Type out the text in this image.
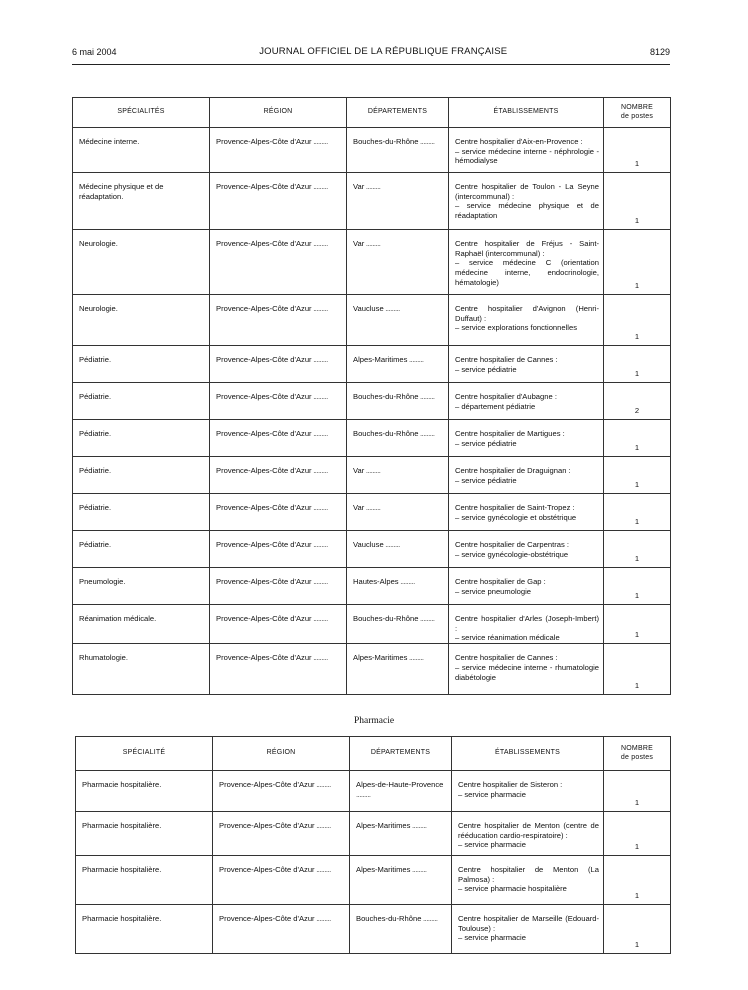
6 mai 2004	JOURNAL OFFICIEL DE LA RÉPUBLIQUE FRANÇAISE	8129
SPÉCIALITÉS	RÉGION	DÉPARTEMENTS	ÉTABLISSEMENTS	NOMBRE
de postes

Médecine interne.	Provence-Alpes-Côte d'Azur .....	Bouches-du-Rhône .....	Centre hospitalier d'Aix-en-Provence :
– service médecine interne - néphrologie - hémodialyse	1
Médecine physique et de réadaptation.	Provence-Alpes-Côte d'Azur .....	Var .....	Centre hospitalier de Toulon - La Seyne (intercommunal) :
– service médecine physique et de réadaptation	1
Neurologie.	Provence-Alpes-Côte d'Azur .....	Var .....	Centre hospitalier de Fréjus - Saint-Raphaël (intercommunal) :
– service médecine C (orientation médecine interne, endocrinologie, hématologie)	1
Neurologie.	Provence-Alpes-Côte d'Azur .....	Vaucluse .....	Centre hospitalier d'Avignon (Henri-Duffaut) :
– service explorations fonctionnelles	1
Pédiatrie.	Provence-Alpes-Côte d'Azur .....	Alpes-Maritimes .....	Centre hospitalier de Cannes :
– service pédiatrie	1
Pédiatrie.	Provence-Alpes-Côte d'Azur .....	Bouches-du-Rhône .....	Centre hospitalier d'Aubagne :
– département pédiatrie	2
Pédiatrie.	Provence-Alpes-Côte d'Azur .....	Bouches-du-Rhône .....	Centre hospitalier de Martigues :
– service pédiatrie	1
Pédiatrie.	Provence-Alpes-Côte d'Azur .....	Var .....	Centre hospitalier de Draguignan :
– service pédiatrie	1
Pédiatrie.	Provence-Alpes-Côte d'Azur .....	Var .....	Centre hospitalier de Saint-Tropez :
– service gynécologie et obstétrique	1
Pédiatrie.	Provence-Alpes-Côte d'Azur .....	Vaucluse .....	Centre hospitalier de Carpentras :
– service gynécologie-obstétrique	1
Pneumologie.	Provence-Alpes-Côte d'Azur .....	Hautes-Alpes .....	Centre hospitalier de Gap :
– service pneumologie	1
Réanimation médicale.	Provence-Alpes-Côte d'Azur .....	Bouches-du-Rhône .....	Centre hospitalier d'Arles (Joseph-Imbert) :
– service réanimation médicale	1
Rhumatologie.	Provence-Alpes-Côte d'Azur .....	Alpes-Maritimes .....	Centre hospitalier de Cannes :
– service médecine interne - rhumatologie diabétologie	1
Pharmacie
SPÉCIALITÉ	RÉGION	DÉPARTEMENTS	ÉTABLISSEMENTS	NOMBRE
de postes

Pharmacie hospitalière.	Provence-Alpes-Côte d'Azur .....	Alpes-de-Haute-Provence .....	Centre hospitalier de Sisteron :
– service pharmacie	1
Pharmacie hospitalière.	Provence-Alpes-Côte d'Azur .....	Alpes-Maritimes .....	Centre hospitalier de Menton (centre de rééducation cardio-respiratoire) :
– service pharmacie	1
Pharmacie hospitalière.	Provence-Alpes-Côte d'Azur .....	Alpes-Maritimes .....	Centre hospitalier de Menton (La Palmosa) :
– service pharmacie hospitalière	1
Pharmacie hospitalière.	Provence-Alpes-Côte d'Azur .....	Bouches-du-Rhône .....	Centre hospitalier de Marseille (Edouard-Toulouse) :
– service pharmacie	1
